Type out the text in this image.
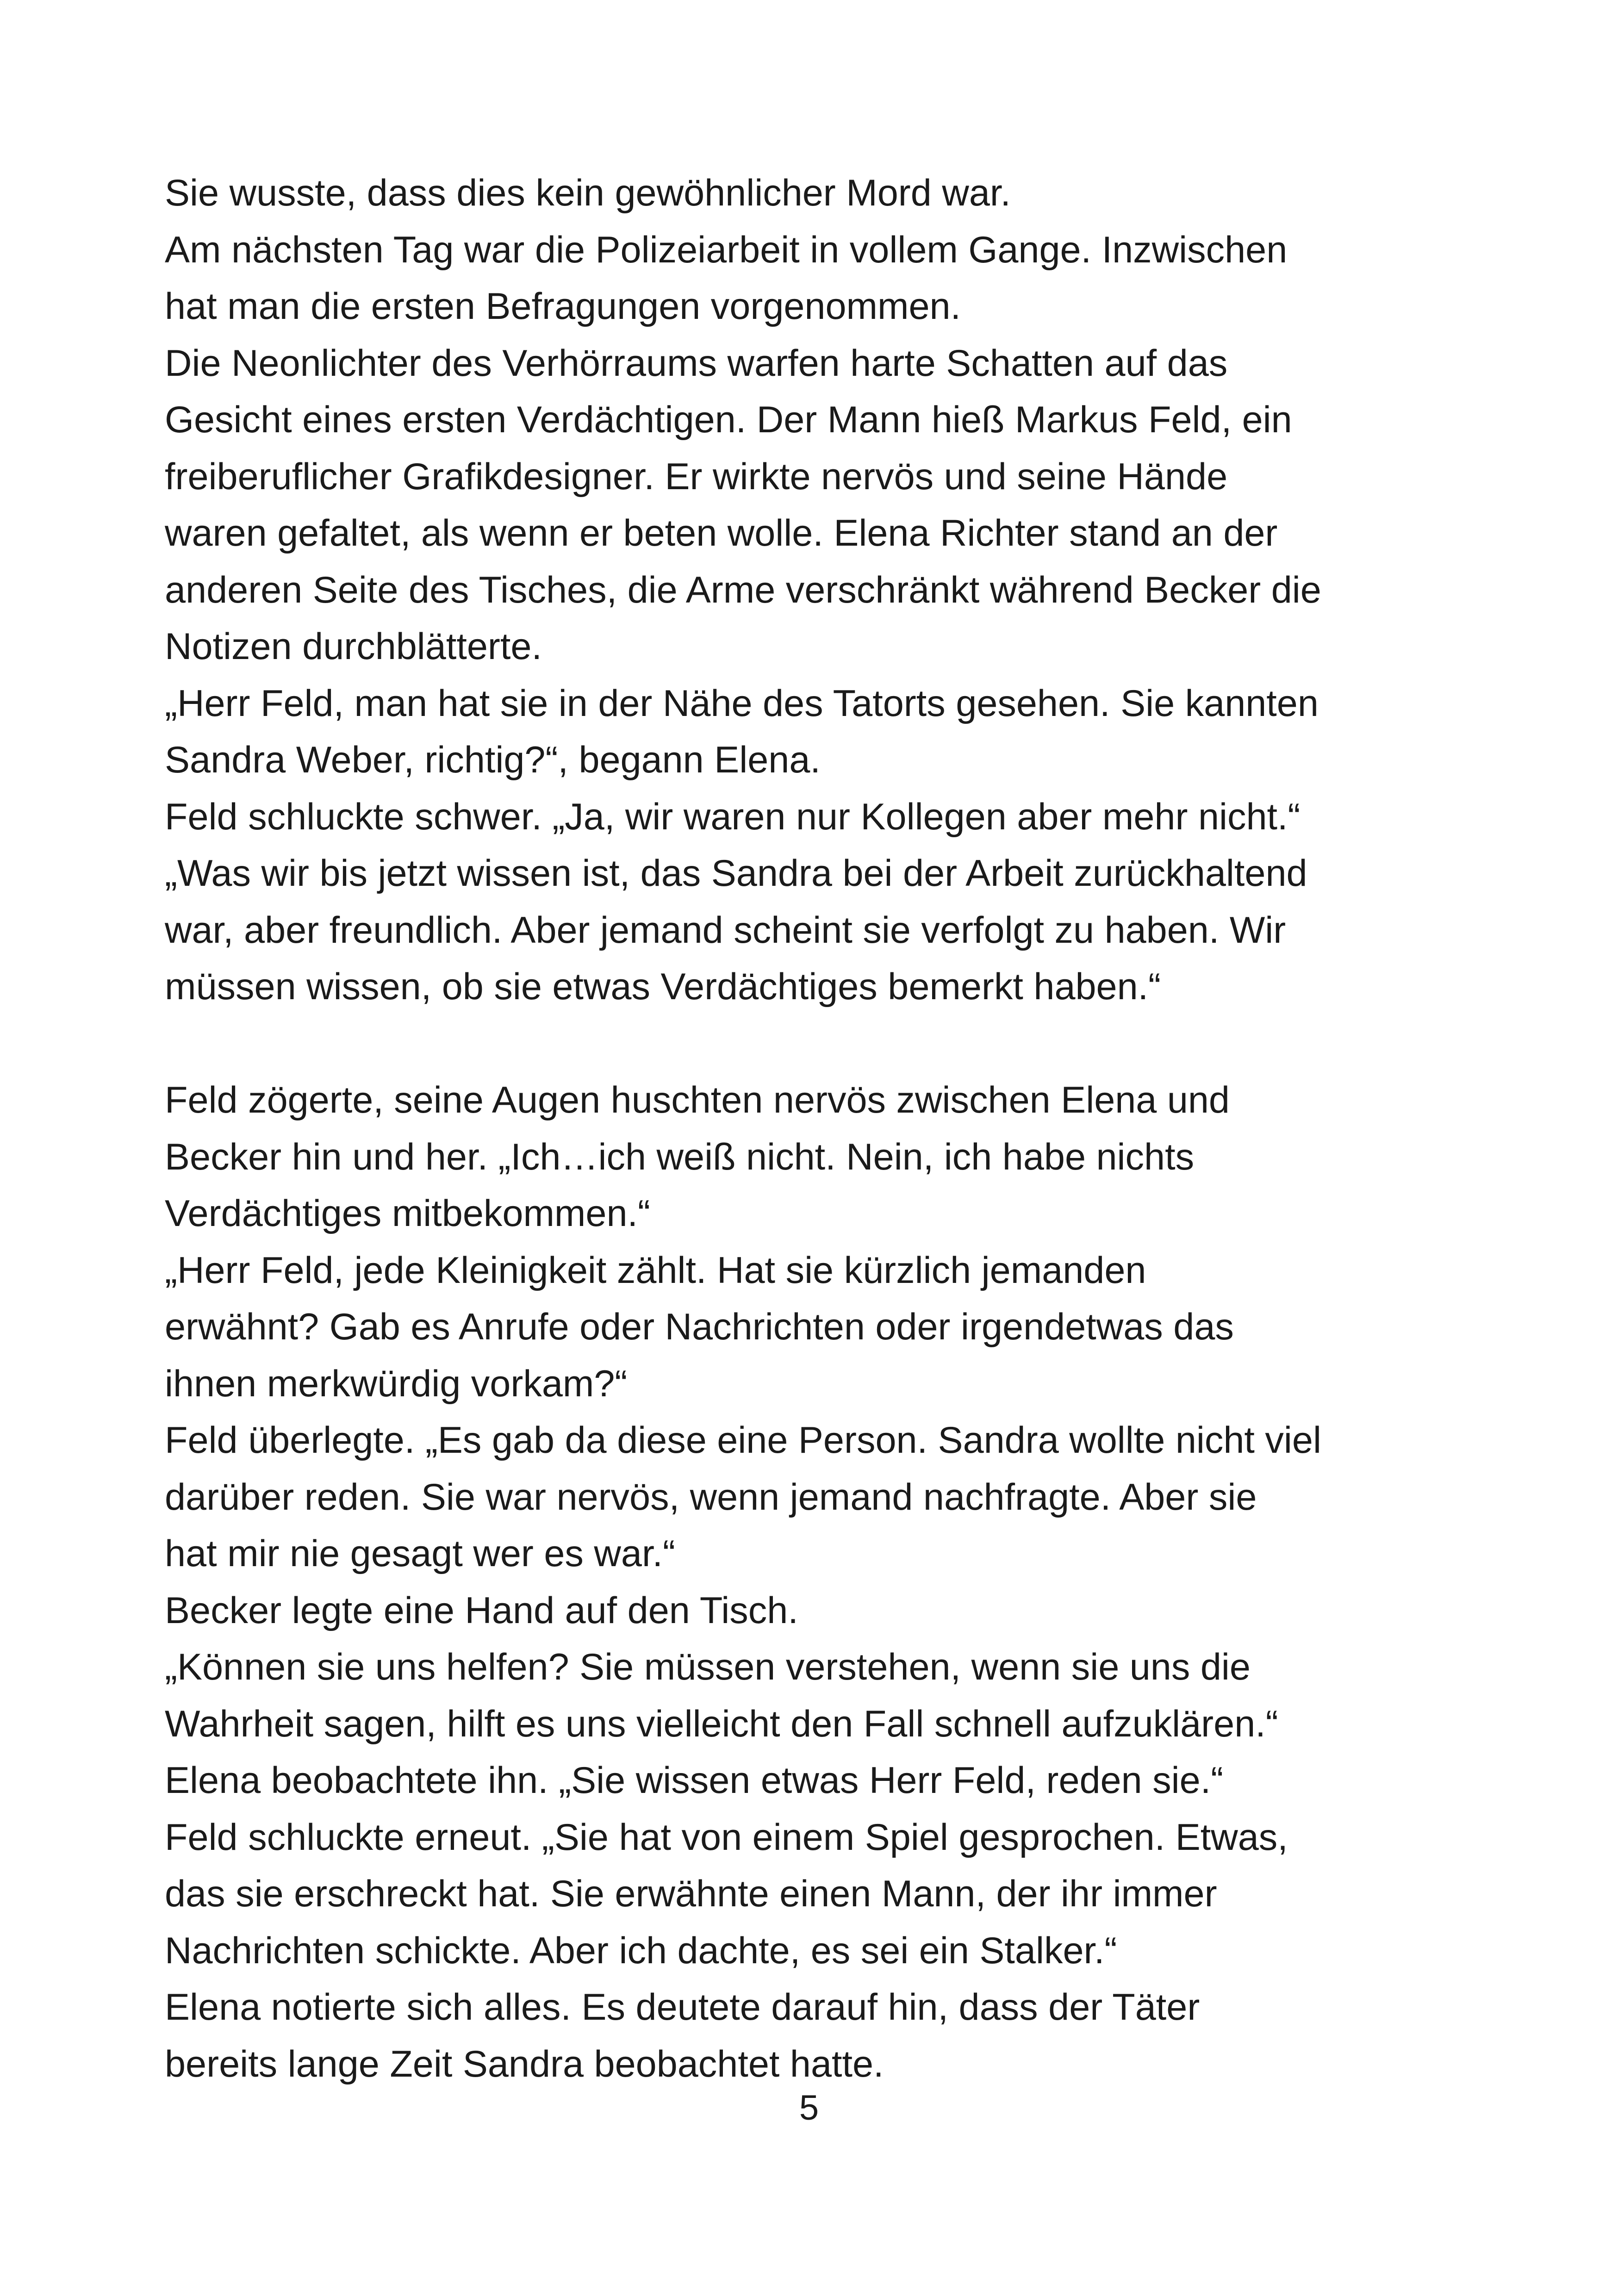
Sie wusste, dass dies kein gewöhnlicher Mord war.
Am nächsten Tag war die Polizeiarbeit in vollem Gange. Inzwischen
hat man die ersten Befragungen vorgenommen.
Die Neonlichter des Verhörraums warfen harte Schatten auf das
Gesicht eines ersten Verdächtigen. Der Mann hieß Markus Feld, ein
freiberuflicher Grafikdesigner. Er wirkte nervös und seine Hände
waren gefaltet, als wenn er beten wolle. Elena Richter stand an der
anderen Seite des Tisches, die Arme verschränkt während Becker die
Notizen durchblätterte.
„Herr Feld, man hat sie in der Nähe des Tatorts gesehen. Sie kannten
Sandra Weber, richtig?“, begann Elena.
Feld schluckte schwer. „Ja, wir waren nur Kollegen aber mehr nicht.“
„Was wir bis jetzt wissen ist, das Sandra bei der Arbeit zurückhaltend
war, aber freundlich. Aber jemand scheint sie verfolgt zu haben. Wir
müssen wissen, ob sie etwas Verdächtiges bemerkt haben.“
Feld zögerte, seine Augen huschten nervös zwischen Elena und
Becker hin und her. „Ich…ich weiß nicht. Nein, ich habe nichts
Verdächtiges mitbekommen.“
„Herr Feld, jede Kleinigkeit zählt. Hat sie kürzlich jemanden
erwähnt? Gab es Anrufe oder Nachrichten oder irgendetwas das
ihnen merkwürdig vorkam?“
Feld überlegte. „Es gab da diese eine Person. Sandra wollte nicht viel
darüber reden. Sie war nervös, wenn jemand nachfragte. Aber sie
hat mir nie gesagt wer es war.“
Becker legte eine Hand auf den Tisch.
„Können sie uns helfen? Sie müssen verstehen, wenn sie uns die
Wahrheit sagen, hilft es uns vielleicht den Fall schnell aufzuklären.“
Elena beobachtete ihn. „Sie wissen etwas Herr Feld, reden sie.“
Feld schluckte erneut. „Sie hat von einem Spiel gesprochen. Etwas,
das sie erschreckt hat. Sie erwähnte einen Mann, der ihr immer
Nachrichten schickte. Aber ich dachte, es sei ein Stalker.“
Elena notierte sich alles. Es deutete darauf hin, dass der Täter
bereits lange Zeit Sandra beobachtet hatte.
5
